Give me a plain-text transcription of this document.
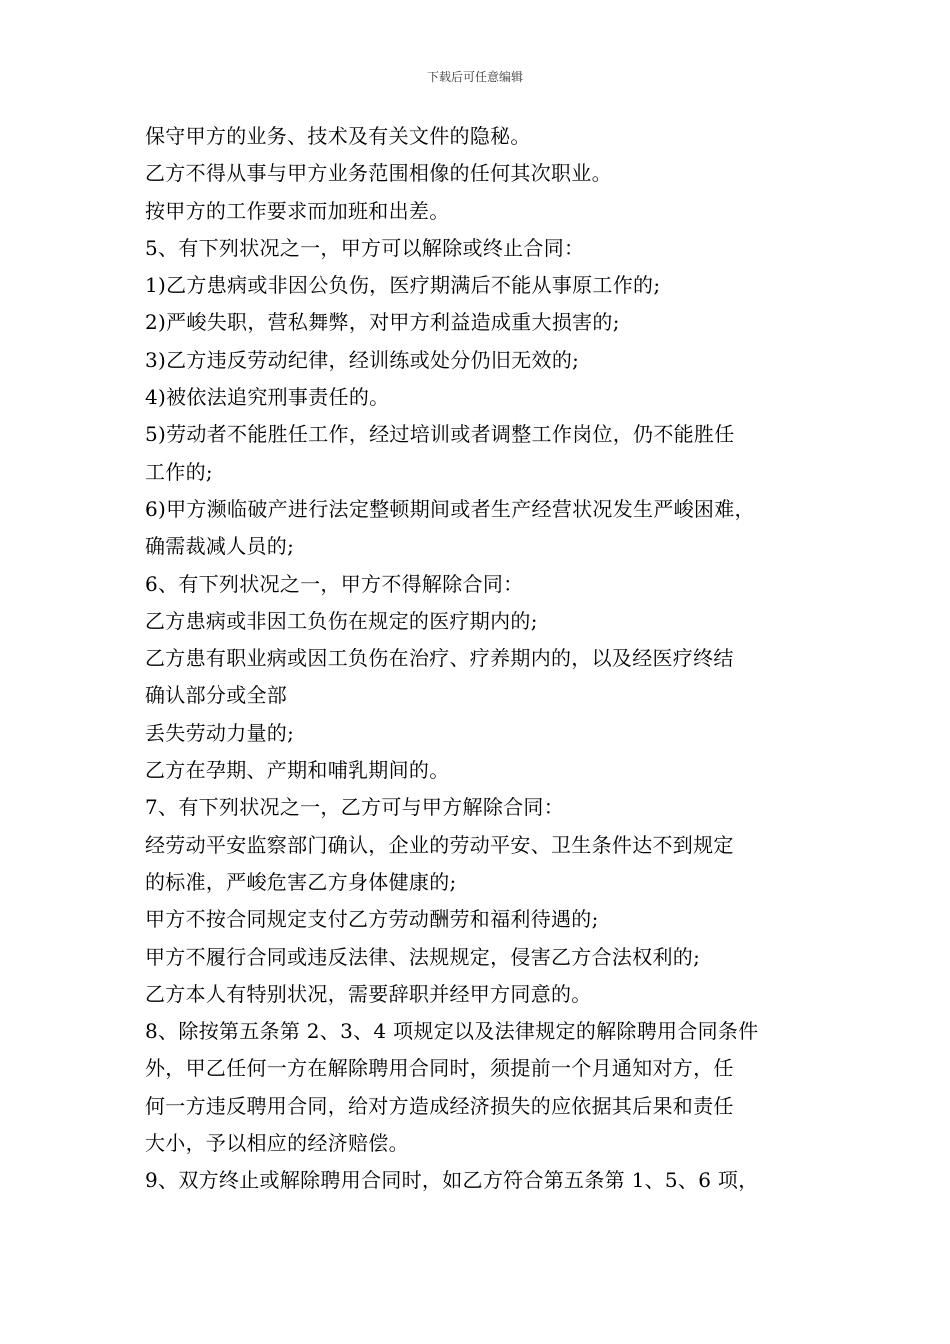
下载后可任意编辑
保守甲方的业务、技术及有关文件的隐秘。
乙方不得从事与甲方业务范围相像的任何其次职业。
按甲方的工作要求而加班和出差。
5、有下列状况之一，甲方可以解除或终止合同：
1)乙方患病或非因公负伤，医疗期满后不能从事原工作的;
2)严峻失职，营私舞弊，对甲方利益造成重大损害的;
3)乙方违反劳动纪律，经训练或处分仍旧无效的;
4)被依法追究刑事责任的。
5)劳动者不能胜任工作，经过培训或者调整工作岗位，仍不能胜任
工作的;
6)甲方濒临破产进行法定整顿期间或者生产经营状况发生严峻困难，
确需裁减人员的;
6、有下列状况之一，甲方不得解除合同：
乙方患病或非因工负伤在规定的医疗期内的;
乙方患有职业病或因工负伤在治疗、疗养期内的，以及经医疗终结
确认部分或全部
丢失劳动力量的;
乙方在孕期、产期和哺乳期间的。
7、有下列状况之一，乙方可与甲方解除合同：
经劳动平安监察部门确认，企业的劳动平安、卫生条件达不到规定
的标准，严峻危害乙方身体健康的;
甲方不按合同规定支付乙方劳动酬劳和福利待遇的;
甲方不履行合同或违反法律、法规规定，侵害乙方合法权利的;
乙方本人有特别状况，需要辞职并经甲方同意的。
8、除按第五条第 2、3、4 项规定以及法律规定的解除聘用合同条件
外，甲乙任何一方在解除聘用合同时，须提前一个月通知对方，任
何一方违反聘用合同，给对方造成经济损失的应依据其后果和责任
大小，予以相应的经济赔偿。
9、双方终止或解除聘用合同时，如乙方符合第五条第 1、5、6 项，
